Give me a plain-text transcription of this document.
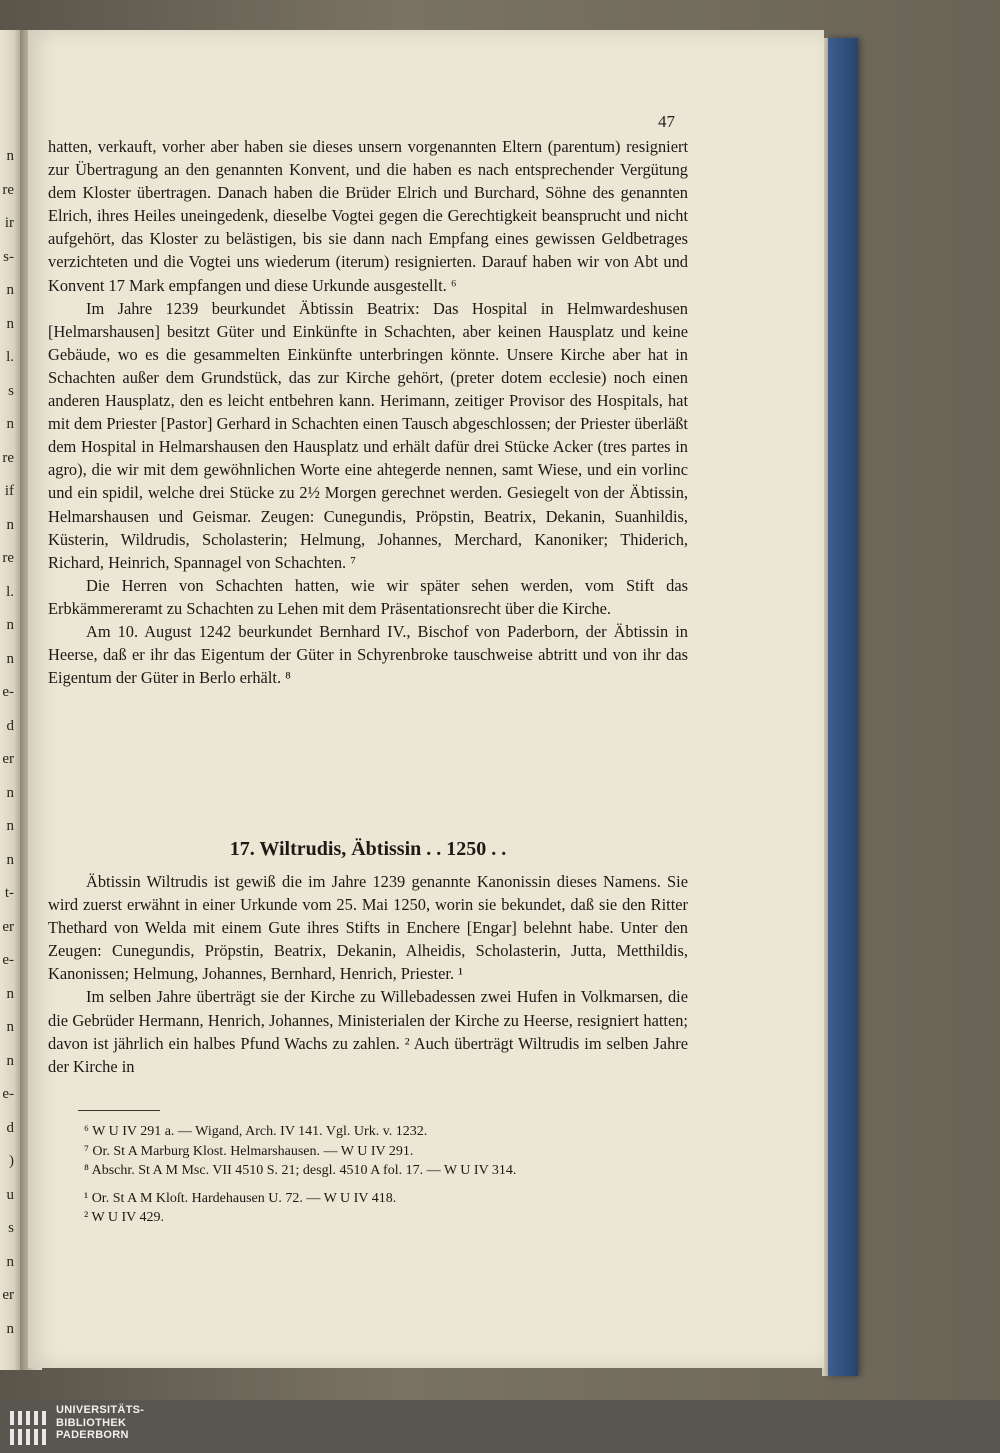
n
re
ir
s-
n
n
l.
s
n
re
if
n
re
l.
n
n
e-
d
er
n
n
n
t-
er
e-
n
n
n
e-
d
)
u
s
n
er
n
47

hatten, verkauft, vorher aber haben sie dieses unsern vorgenannten Eltern (parentum) resigniert zur Übertragung an den genannten Konvent, und die haben es nach entsprechender Vergütung dem Kloster übertragen. Danach haben die Brüder Elrich und Burchard, Söhne des genannten Elrich, ihres Heiles uneingedenk, dieselbe Vogtei gegen die Gerechtigkeit beansprucht und nicht aufgehört, das Kloster zu belästigen, bis sie dann nach Empfang eines gewissen Geldbetrages verzichteten und die Vogtei uns wiederum (iterum) resignierten. Darauf haben wir von Abt und Konvent 17 Mark empfangen und diese Urkunde ausgestellt. ⁶

Im Jahre 1239 beurkundet Äbtissin Beatrix: Das Hospital in Helmwardeshusen [Helmarshausen] besitzt Güter und Einkünfte in Schachten, aber keinen Hausplatz und keine Gebäude, wo es die gesammelten Einkünfte unterbringen könnte. Unsere Kirche aber hat in Schachten außer dem Grundstück, das zur Kirche gehört, (preter dotem ecclesie) noch einen anderen Hausplatz, den es leicht entbehren kann. Herimann, zeitiger Provisor des Hospitals, hat mit dem Priester [Pastor] Gerhard in Schachten einen Tausch abgeschlossen; der Priester überläßt dem Hospital in Helmarshausen den Hausplatz und erhält dafür drei Stücke Acker (tres partes in agro), die wir mit dem gewöhnlichen Worte eine ahtegerde nennen, samt Wiese, und ein vorlinc und ein spidil, welche drei Stücke zu 2½ Morgen gerechnet werden. Gesiegelt von der Äbtissin, Helmarshausen und Geismar. Zeugen: Cunegundis, Pröpstin, Beatrix, Dekanin, Suanhildis, Küsterin, Wildrudis, Scholasterin; Helmung, Johannes, Merchard, Kanoniker; Thiderich, Richard, Heinrich, Spannagel von Schachten. ⁷

Die Herren von Schachten hatten, wie wir später sehen werden, vom Stift das Erbkämmereramt zu Schachten zu Lehen mit dem Präsentationsrecht über die Kirche.

Am 10. August 1242 beurkundet Bernhard IV., Bischof von Paderborn, der Äbtissin in Heerse, daß er ihr das Eigentum der Güter in Schyrenbroke tauschweise abtritt und von ihr das Eigentum der Güter in Berlo erhält. ⁸

17. Wiltrudis, Äbtissin . . 1250 . .

Äbtissin Wiltrudis ist gewiß die im Jahre 1239 genannte Kanonissin dieses Namens. Sie wird zuerst erwähnt in einer Urkunde vom 25. Mai 1250, worin sie bekundet, daß sie den Ritter Thethard von Welda mit einem Gute ihres Stifts in Enchere [Engar] belehnt habe. Unter den Zeugen: Cunegundis, Pröpstin, Beatrix, Dekanin, Alheidis, Scholasterin, Jutta, Metthildis, Kanonissen; Helmung, Johannes, Bernhard, Henrich, Priester. ¹

Im selben Jahre überträgt sie der Kirche zu Willebadessen zwei Hufen in Volkmarsen, die die Gebrüder Hermann, Henrich, Johannes, Ministerialen der Kirche zu Heerse, resigniert hatten; davon ist jährlich ein halbes Pfund Wachs zu zahlen. ² Auch überträgt Wiltrudis im selben Jahre der Kirche in

⁶ W U IV 291 a. — Wigand, Arch. IV 141. Vgl. Urk. v. 1232.

⁷ Or. St A Marburg Klost. Helmarshausen. — W U IV 291.

⁸ Abschr. St A M Msc. VII 4510 S. 21; desgl. 4510 A fol. 17. — W U IV 314.

¹ Or. St A M Kloſt. Hardehausen U. 72. — W U IV 418.

² W U IV 429.

UNIVERSITÄTS-
BIBLIOTHEK
PADERBORN
